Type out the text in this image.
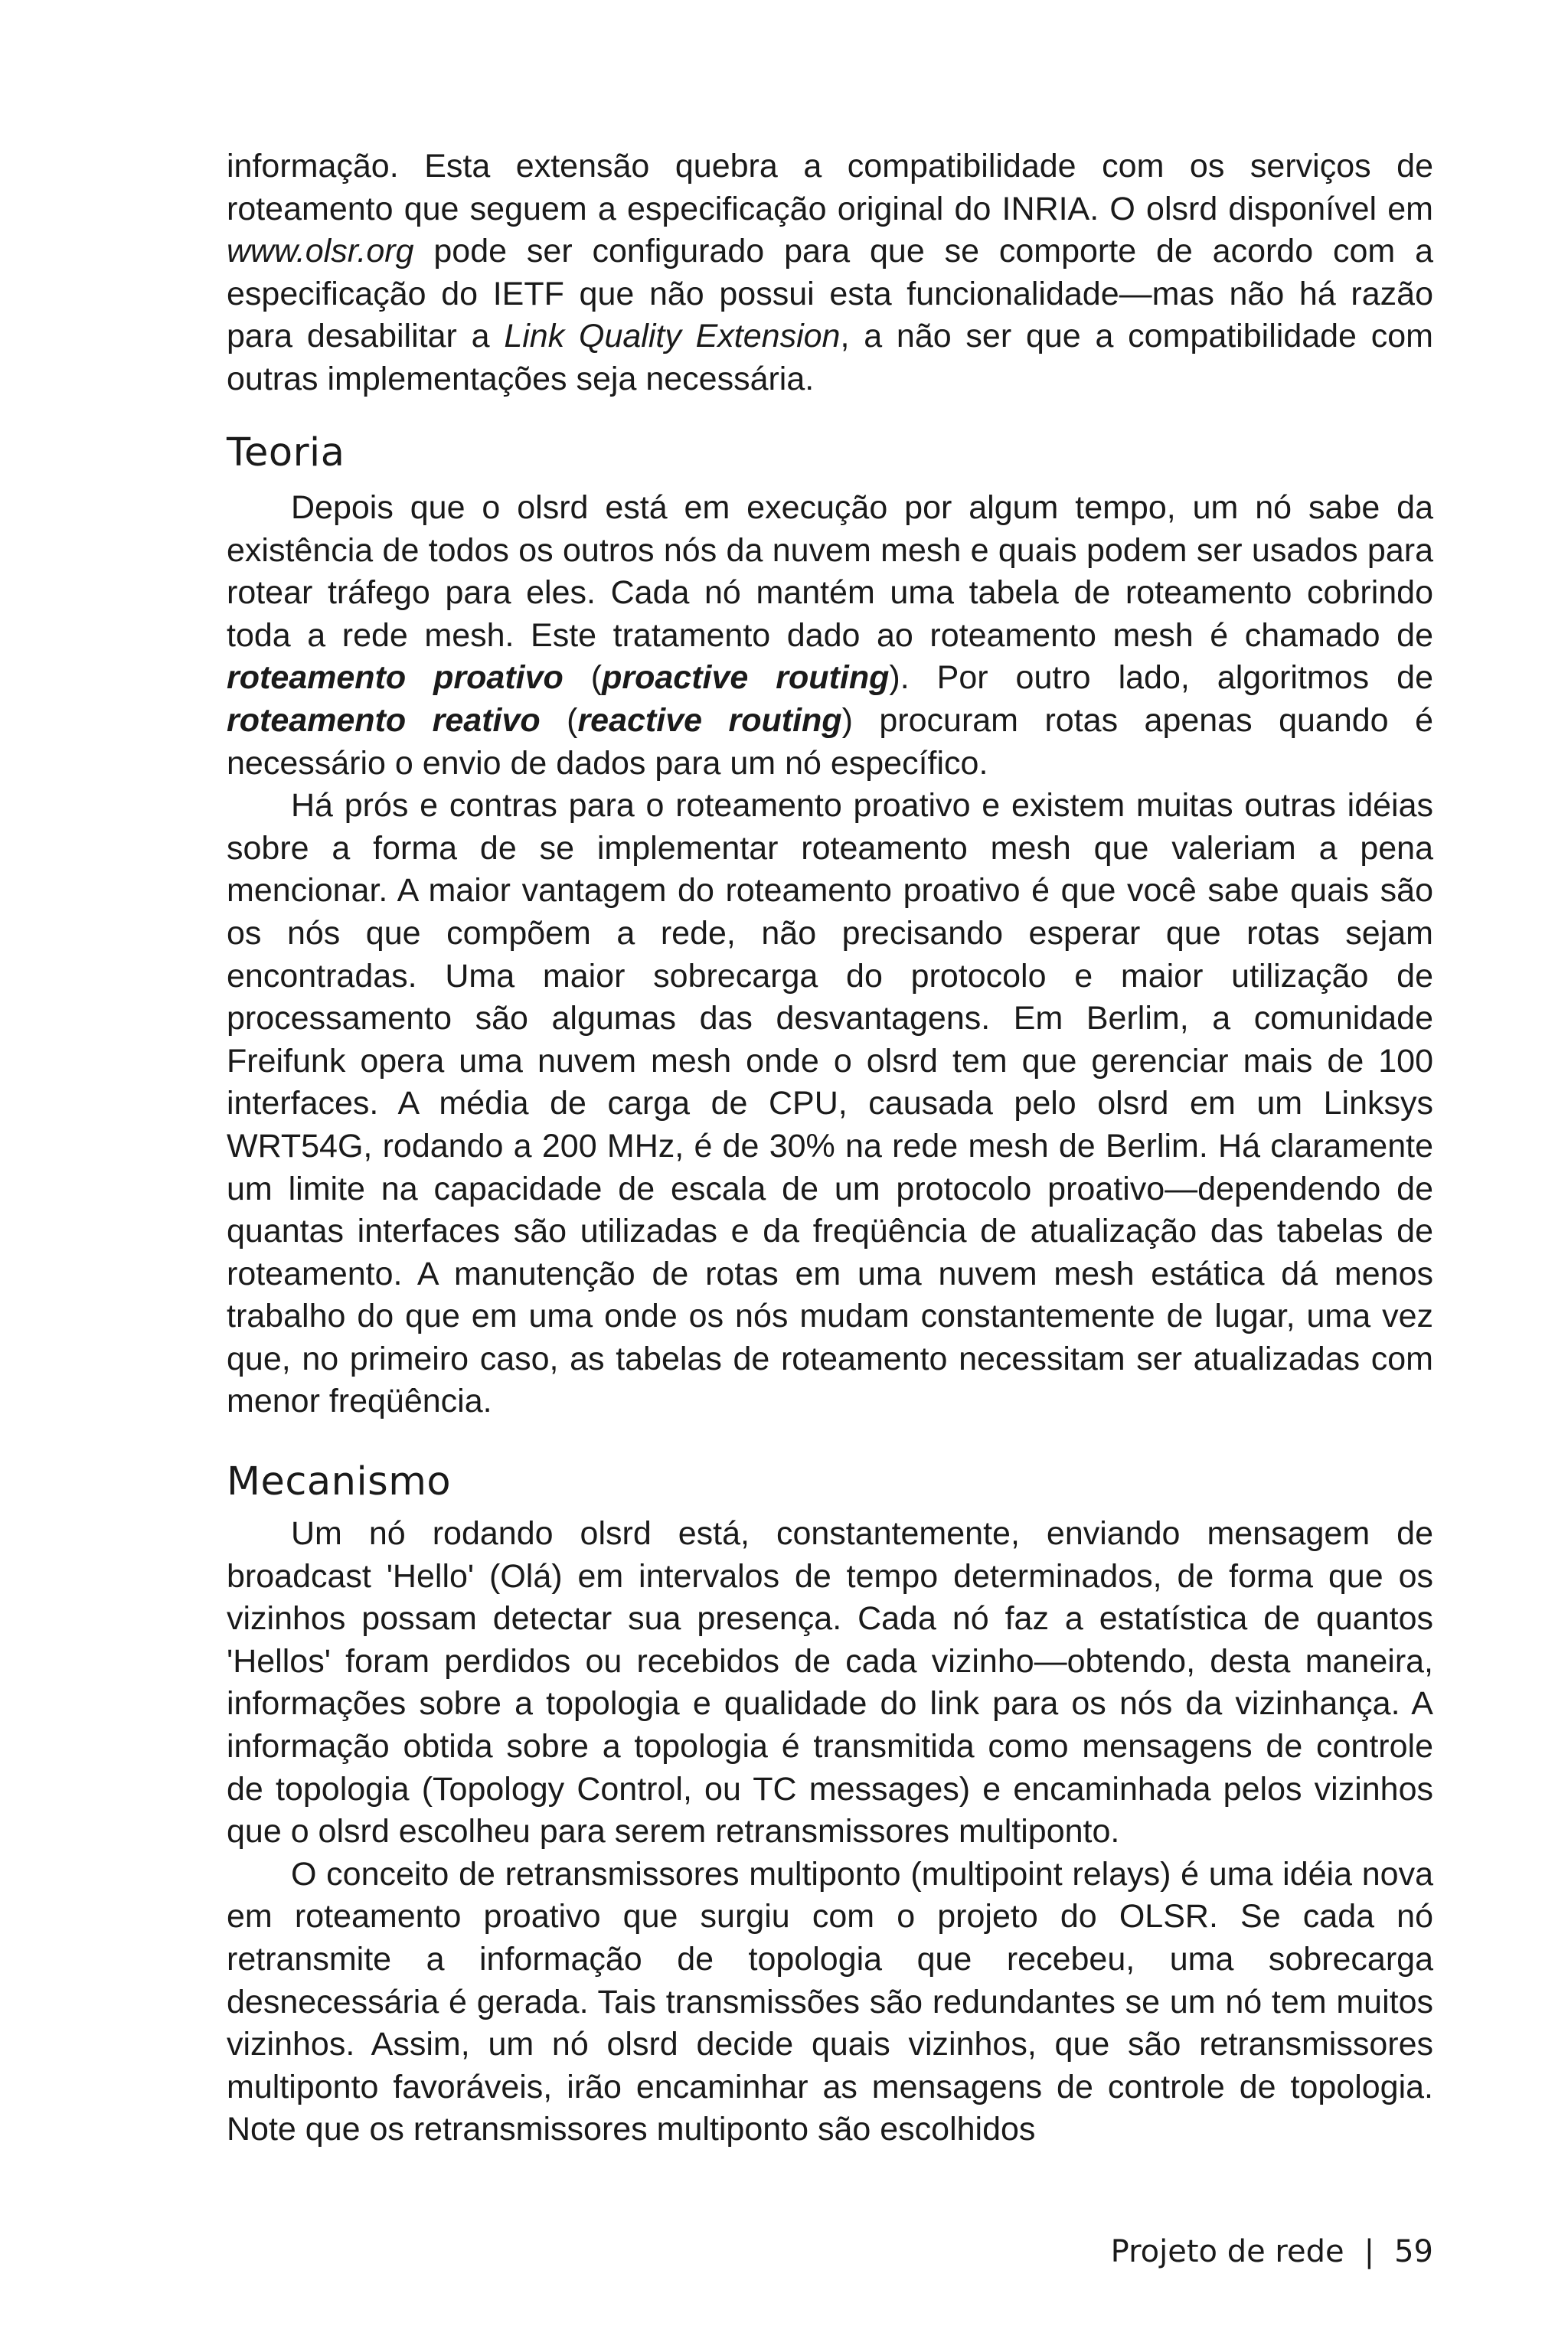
informação. Esta extensão quebra a compatibilidade com os serviços de roteamento que seguem a especificação original do INRIA. O olsrd disponível em www.olsr.org pode ser configurado para que se comporte de acordo com a especificação do IETF que não possui esta funcionalidade—mas não há razão para desabilitar a Link Quality Extension, a não ser que a compatibilidade com outras implementações seja necessária.

Teoria

Depois que o olsrd está em execução por algum tempo, um nó sabe da existência de todos os outros nós da nuvem mesh e quais podem ser usados para rotear tráfego para eles. Cada nó mantém uma tabela de roteamento cobrindo toda a rede mesh. Este tratamento dado ao roteamento mesh é chamado de roteamento proativo (proactive routing). Por outro lado, algoritmos de roteamento reativo (reactive routing) procuram rotas apenas quando é necessário o envio de dados para um nó específico.

Há prós e contras para o roteamento proativo e existem muitas outras idéias sobre a forma de se implementar roteamento mesh que valeriam a pena mencionar. A maior vantagem do roteamento proativo é que você sabe quais são os nós que compõem a rede, não precisando esperar que rotas sejam encontradas. Uma maior sobrecarga do protocolo e maior utilização de processamento são algumas das desvantagens. Em Berlim, a comunidade Freifunk opera uma nuvem mesh onde o olsrd tem que gerenciar mais de 100 interfaces. A média de carga de CPU, causada pelo olsrd em um Linksys WRT54G, rodando a 200 MHz, é de 30% na rede mesh de Berlim. Há claramente um limite na capacidade de escala de um protocolo proativo—dependendo de quantas interfaces são utilizadas e da freqüência de atualização das tabelas de roteamento. A manutenção de rotas em uma nuvem mesh estática dá menos trabalho do que em uma onde os nós mudam constantemente de lugar, uma vez que, no primeiro caso, as tabelas de roteamento necessitam ser atualizadas com menor freqüência.

Mecanismo

Um nó rodando olsrd está, constantemente, enviando mensagem de broadcast 'Hello' (Olá) em intervalos de tempo determinados, de forma que os vizinhos possam detectar sua presença. Cada nó faz a estatística de quantos 'Hellos' foram perdidos ou recebidos de cada vizinho—obtendo, desta maneira, informações sobre a topologia e qualidade do link para os nós da vizinhança. A informação obtida sobre a topologia é transmitida como mensagens de controle de topologia (Topology Control, ou TC messages) e encaminhada pelos vizinhos que o olsrd escolheu para serem retransmissores multiponto.

O conceito de retransmissores multiponto (multipoint relays) é uma idéia nova em roteamento proativo que surgiu com o projeto do OLSR. Se cada nó retransmite a informação de topologia que recebeu, uma sobrecarga desnecessária é gerada. Tais transmissões são redundantes se um nó tem muitos vizinhos. Assim, um nó olsrd decide quais vizinhos, que são retransmissores multiponto favoráveis, irão encaminhar as mensagens de controle de topologia. Note que os retransmissores multiponto são escolhidos

Projeto de rede | 59
